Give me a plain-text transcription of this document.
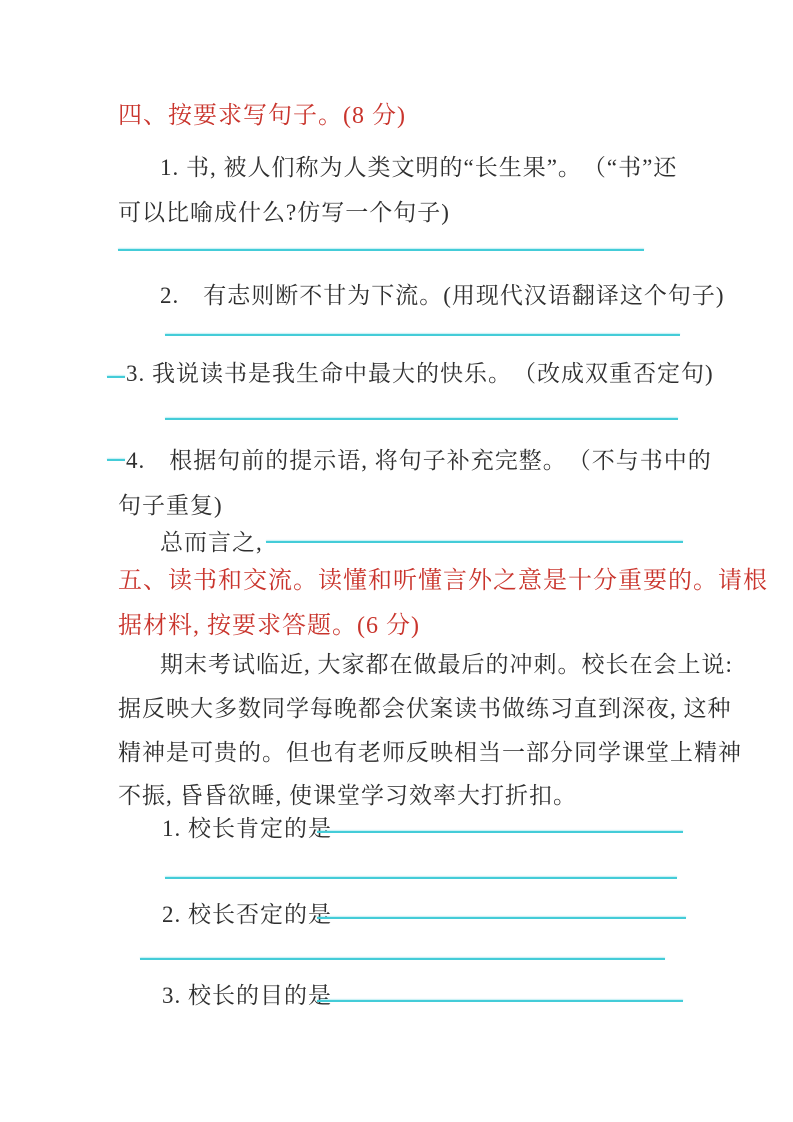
四、按要求写句子。(8 分)
1. 书, 被人们称为人类文明的“长生果”。　（“书”还
可以比喻成什么?仿写一个句子)
2.　有志则断不甘为下流。(用现代汉语翻译这个句子)
3. 我说读书是我生命中最大的快乐。　（改成双重否定句)
4.　根据句前的提示语, 将句子补充完整。　（不与书中的
句子重复)
总而言之,
五、读书和交流。读懂和听懂言外之意是十分重要的。请根
据材料, 按要求答题。(6 分)
期末考试临近, 大家都在做最后的冲刺。校长在会上说:
据反映大多数同学每晚都会伏案读书做练习直到深夜, 这种
精神是可贵的。但也有老师反映相当一部分同学课堂上精神
不振, 昏昏欲睡, 使课堂学习效率大打折扣。
1. 校长肯定的是
2. 校长否定的是
3. 校长的目的是
